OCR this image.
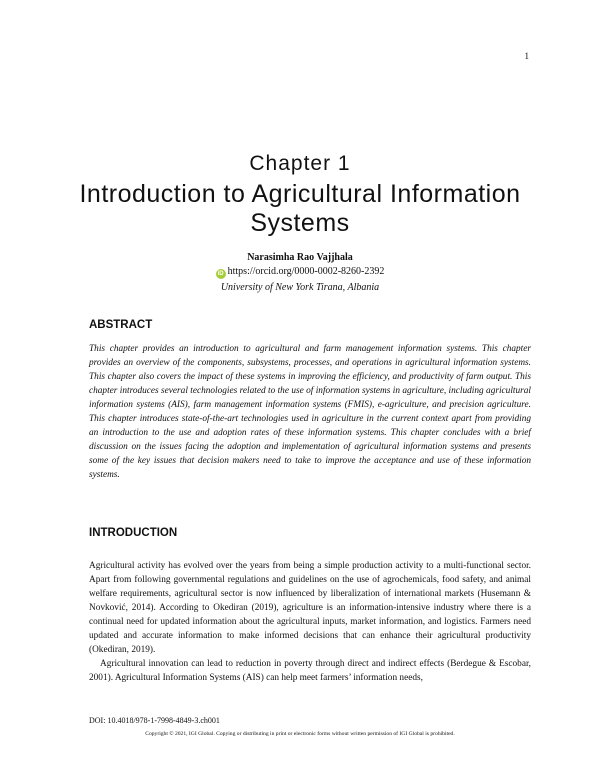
1
Chapter 1
Introduction to Agricultural Information Systems
Narasimha Rao Vajjhala
iD https://orcid.org/0000-0002-8260-2392
University of New York Tirana, Albania
ABSTRACT
This chapter provides an introduction to agricultural and farm management information systems. This chapter provides an overview of the components, subsystems, processes, and operations in agricultural information systems. This chapter also covers the impact of these systems in improving the efficiency, and productivity of farm output. This chapter introduces several technologies related to the use of information systems in agriculture, including agricultural information systems (AIS), farm management information systems (FMIS), e-agriculture, and precision agriculture. This chapter introduces state-of-the-art technologies used in agriculture in the current context apart from providing an introduction to the use and adoption rates of these information systems. This chapter concludes with a brief discussion on the issues facing the adoption and implementation of agricultural information systems and presents some of the key issues that decision makers need to take to improve the acceptance and use of these information systems.
INTRODUCTION

Agricultural activity has evolved over the years from being a simple production activity to a multi-functional sector. Apart from following governmental regulations and guidelines on the use of agrochemicals, food safety, and animal welfare requirements, agricultural sector is now influenced by liberalization of international markets (Husemann & Novković, 2014). According to Okediran (2019), agriculture is an information-intensive industry where there is a continual need for updated information about the agricultural inputs, market information, and logistics. Farmers need updated and accurate information to make informed decisions that can enhance their agricultural productivity (Okediran, 2019).

Agricultural innovation can lead to reduction in poverty through direct and indirect effects (Berdegue & Escobar, 2001). Agricultural Information Systems (AIS) can help meet farmers’ information needs,

DOI: 10.4018/978-1-7998-4849-3.ch001
Copyright © 2021, IGI Global. Copying or distributing in print or electronic forms without written permission of IGI Global is prohibited.
